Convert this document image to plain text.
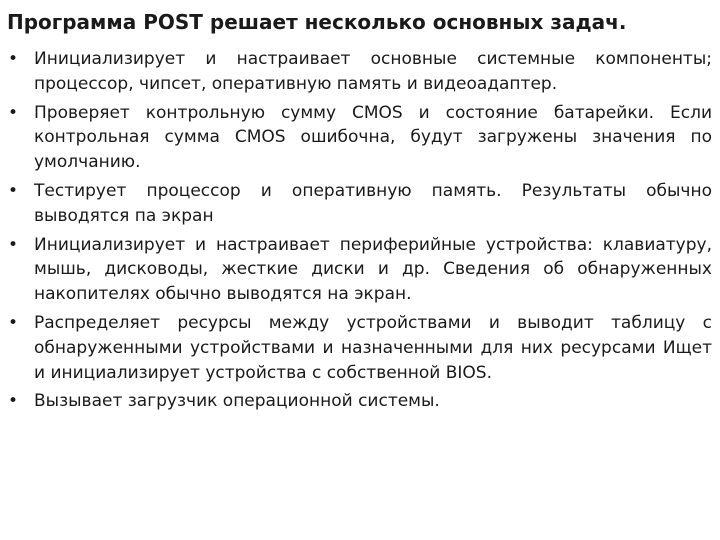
Программа POST решает несколько основных задач.
• Инициализирует и настраивает основные системные компоненты; процессор, чипсет, оперативную память и видеоадаптер.
• Проверяет контрольную сумму CMOS и состояние батарейки. Если контрольная сумма CMOS ошибочна, будут загружены значения по умолчанию.
• Тестирует процессор и оперативную память. Результаты обычно выводятся па экран
• Инициализирует и настраивает периферийные устройства: клавиатуру, мышь, дисководы, жесткие диски и др. Сведения об обнаруженных накопителях обычно выводятся на экран.
• Распределяет ресурсы между устройствами и выводит таблицу с обнаруженными устройствами и назначенными для них ресурсами Ищет и инициализирует устройства с собственной BIOS.
• Вызывает загрузчик операционной системы.
